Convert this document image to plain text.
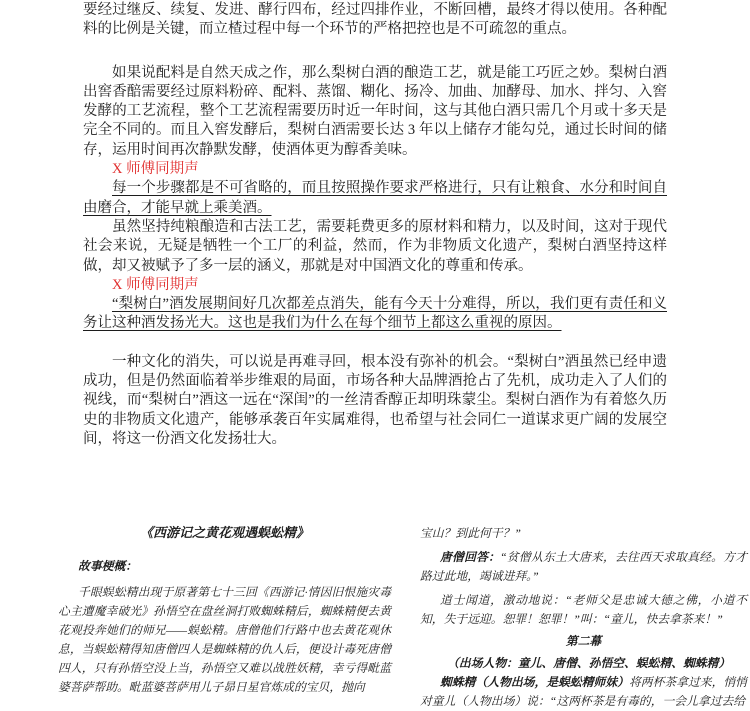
要经过继反、续复、发进、酵行四布，经过四排作业，不断回槽，最终才得以使用。各种配料的比例是关键，而立楂过程中每一个环节的严格把控也是不可疏忽的重点。

如果说配料是自然天成之作，那么梨树白酒的酿造工艺，就是能工巧匠之妙。梨树白酒出窖香醅需要经过原料粉碎、配料、蒸馏、糊化、扬冷、加曲、加酵母、加水、拌匀、入窖发酵的工艺流程，整个工艺流程需要历时近一年时间，这与其他白酒只需几个月或十多天是完全不同的。而且入窖发酵后，梨树白酒需要长达 3 年以上储存才能勾兑，通过长时间的储存，运用时间再次静默发酵，使酒体更为醇香美味。

X 师傅同期声

每一个步骤都是不可省略的，而且按照操作要求严格进行，只有让粮食、水分和时间自由磨合，才能早就上乘美酒。

虽然坚持纯粮酿造和古法工艺，需要耗费更多的原材料和精力，以及时间，这对于现代社会来说，无疑是牺牲一个工厂的利益，然而，作为非物质文化遗产，梨树白酒坚持这样做，却又被赋予了多一层的涵义，那就是对中国酒文化的尊重和传承。

X 师傅同期声

“梨树白”酒发展期间好几次都差点消失，能有今天十分难得，所以，我们更有责任和义务让这种酒发扬光大。这也是我们为什么在每个细节上都这么重视的原因。

一种文化的消失，可以说是再难寻回，根本没有弥补的机会。“梨树白”酒虽然已经申遗成功，但是仍然面临着举步维艰的局面，市场各种大品牌酒抢占了先机，成功走入了人们的视线，而“梨树白”酒这一远在“深闺”的一丝清香醇正却明珠蒙尘。梨树白酒作为有着悠久历史的非物质文化遗产，能够承袭百年实属难得，也希望与社会同仁一道谋求更广阔的发展空间，将这一份酒文化发扬壮大。

《西游记之黄花观遇蜈蚣精》

故事梗概：

千眼蜈蚣精出现于原著第七十三回《西游记·情因旧恨施灾毒 心主遭魔幸破光》孙悟空在盘丝洞打败蜘蛛精后，蜘蛛精便去黄花观投奔她们的师兄——蜈蚣精。唐僧他们行路中也去黄花观休息，当蜈蚣精得知唐僧四人是蜘蛛精的仇人后，便设计毒死唐僧四人，只有孙悟空没上当，孙悟空又难以战胜妖精，幸亏得毗蓝婆菩萨帮助。毗蓝婆菩萨用儿子昴日星官炼成的宝贝，抛向

宝山？到此何干？”

唐僧回答：“贫僧从东土大唐来，去往西天求取真经。方才路过此地，竭诚进拜。”

道士闻道，激动地说：“老师父是忠诚大德之佛，小道不知，失于远迎。恕罪！恕罪！”叫：“童儿，快去拿茶来！”

第二幕

（出场人物：童儿、唐僧、孙悟空、蜈蚣精、蜘蛛精）

蜘蛛精（人物出场，是蜈蚣精师妹）将两杯茶拿过来，悄悄对童儿（人物出场）说：“这两杯茶是有毒的，一会儿拿过去给
